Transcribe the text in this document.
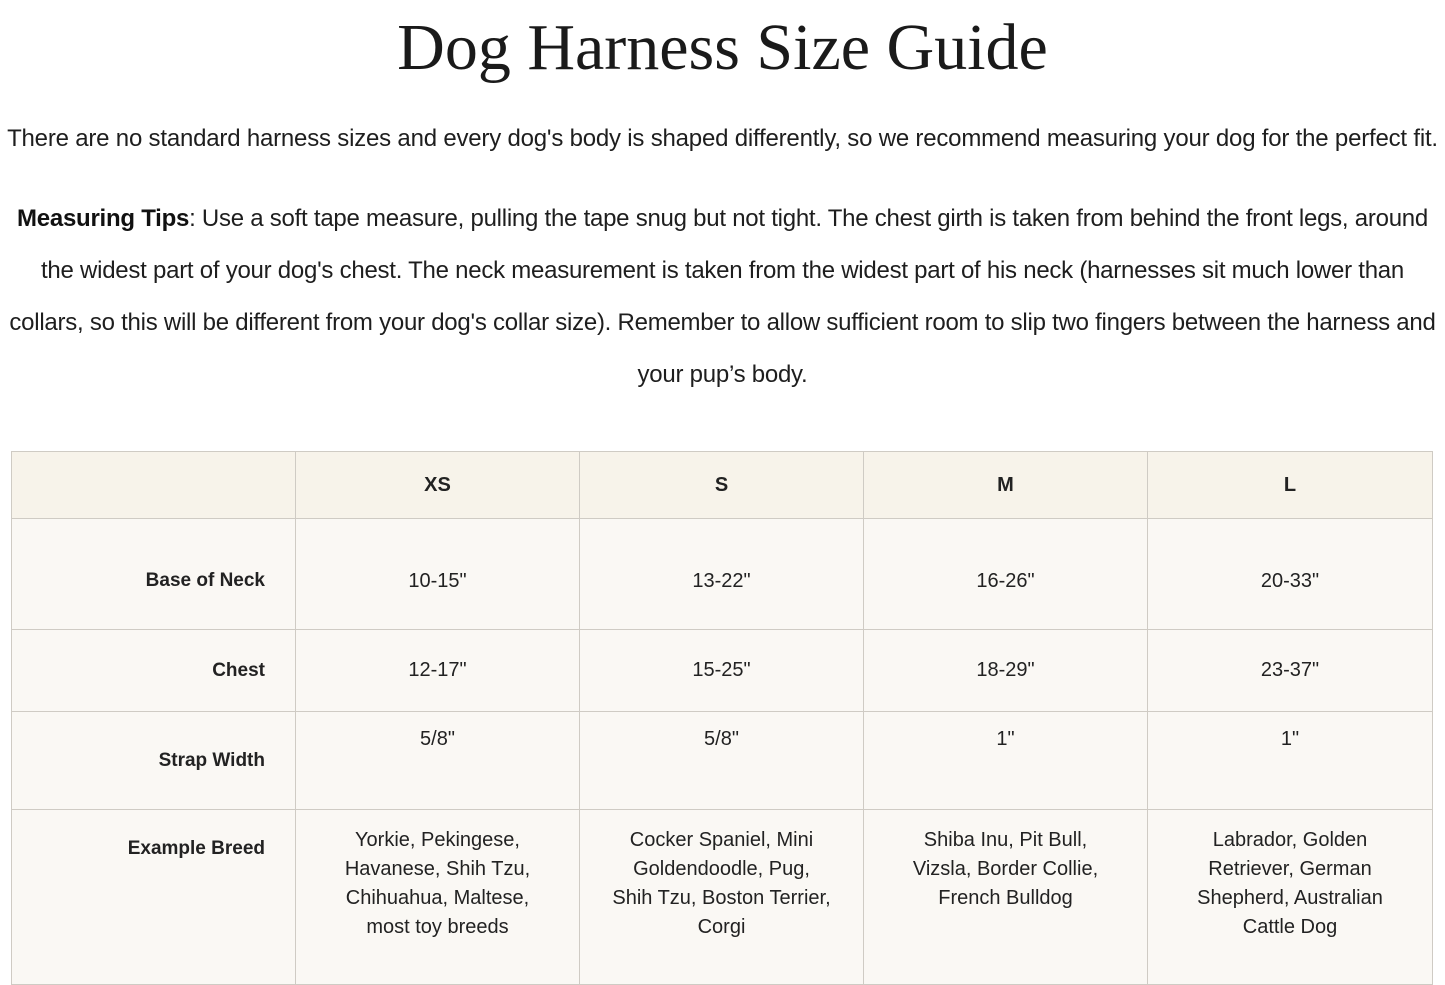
Dog Harness Size Guide

There are no standard harness sizes and every dog's body is shaped differently, so we recommend measuring your dog for the perfect fit.

Measuring Tips: Use a soft tape measure, pulling the tape snug but not tight. The chest girth is taken from behind the front legs, around the widest part of your dog's chest. The neck measurement is taken from the widest part of his neck (harnesses sit much lower than collars, so this will be different from your dog's collar size). Remember to allow sufficient room to slip two fingers between the harness and your pup’s body.

	XS	S	M	L
Base of Neck	10-15"	13-22"	16-26"	20-33"
Chest	12-17"	15-25"	18-29"	23-37"
Strap Width	5/8"	5/8"	1"	1"
Example Breed	Yorkie, Pekingese, Havanese, Shih Tzu, Chihuahua, Maltese, most toy breeds	Cocker Spaniel, Mini Goldendoodle, Pug, Shih Tzu, Boston Terrier, Corgi	Shiba Inu, Pit Bull, Vizsla, Border Collie, French Bulldog	Labrador, Golden Retriever, German Shepherd, Australian Cattle Dog
